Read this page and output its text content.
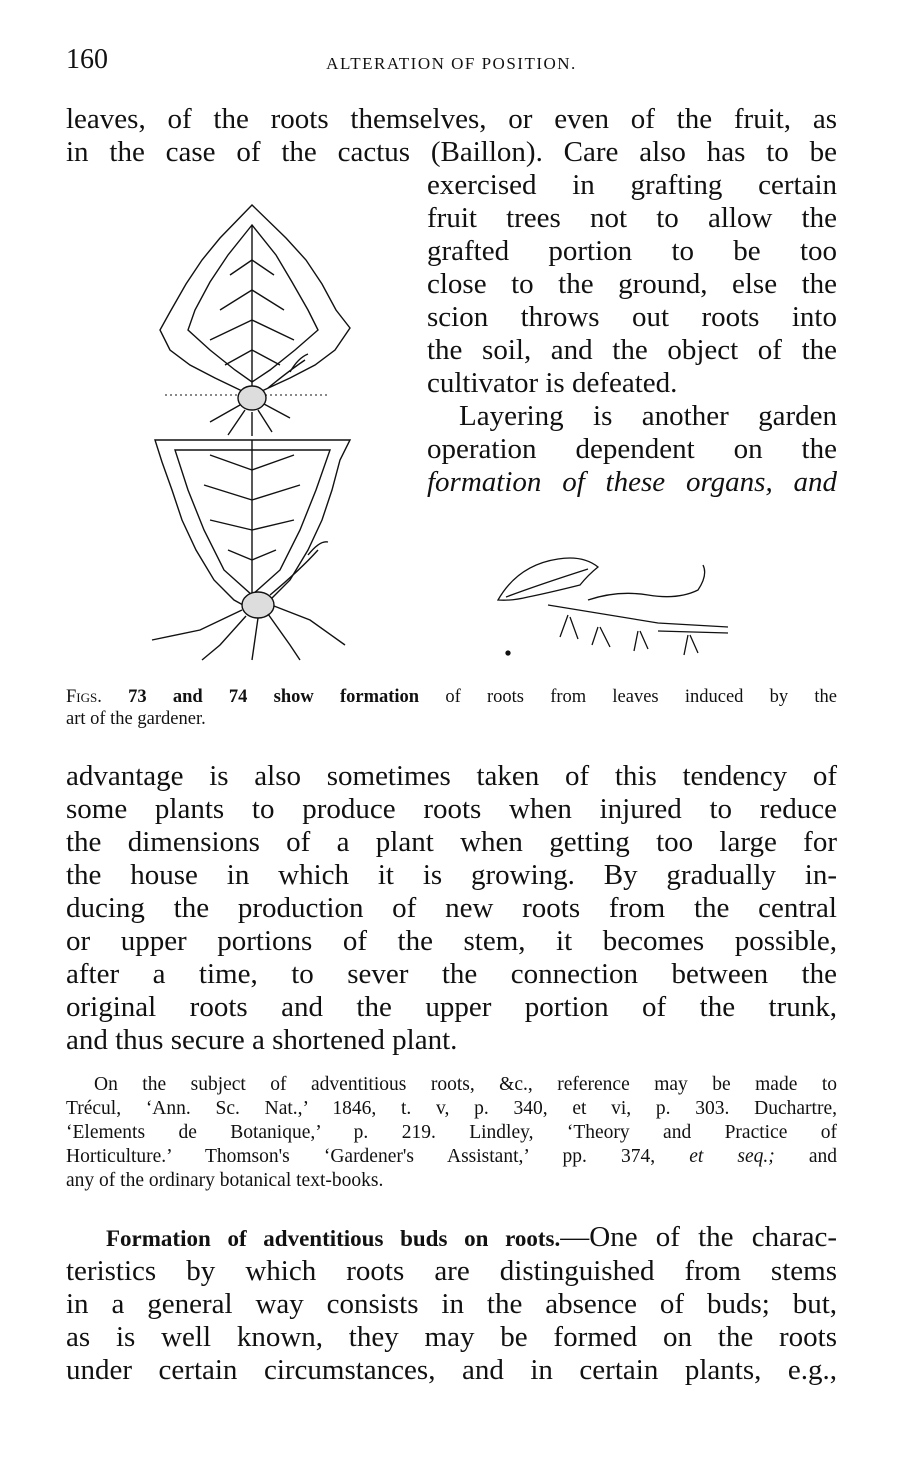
160	ALTERATION OF POSITION.
leaves, of the roots themselves, or even of the fruit, as
in the case of the cactus (Baillon). Care also has to be
exercised in grafting certain
fruit trees not to allow the
grafted portion to be too
close to the ground, else the
scion throws out roots into
the soil, and the object of the
cultivator is defeated.
Layering is another garden
operation dependent on the
formation of these organs, and
Figs. 73 and 74 show formation of roots from leaves induced by the
art of the gardener.
advantage is also sometimes taken of this tendency of
some plants to produce roots when injured to reduce
the dimensions of a plant when getting too large for
the house in which it is growing. By gradually in-
ducing the production of new roots from the central
or upper portions of the stem, it becomes possible,
after a time, to sever the connection between the
original roots and the upper portion of the trunk,
and thus secure a shortened plant.
On the subject of adventitious roots, &c., reference may be made to
Trécul, ‘Ann. Sc. Nat.,’ 1846, t. v, p. 340, et vi, p. 303. Duchartre,
‘Elements de Botanique,’ p. 219. Lindley, ‘Theory and Practice of
Horticulture.’ Thomson's ‘Gardener's Assistant,’ pp. 374, et seq.; and
any of the ordinary botanical text-books.
Formation of adventitious buds on roots.—One of the charac-
teristics by which roots are distinguished from stems
in a general way consists in the absence of buds; but,
as is well known, they may be formed on the roots
under certain circumstances, and in certain plants, e.g.,
